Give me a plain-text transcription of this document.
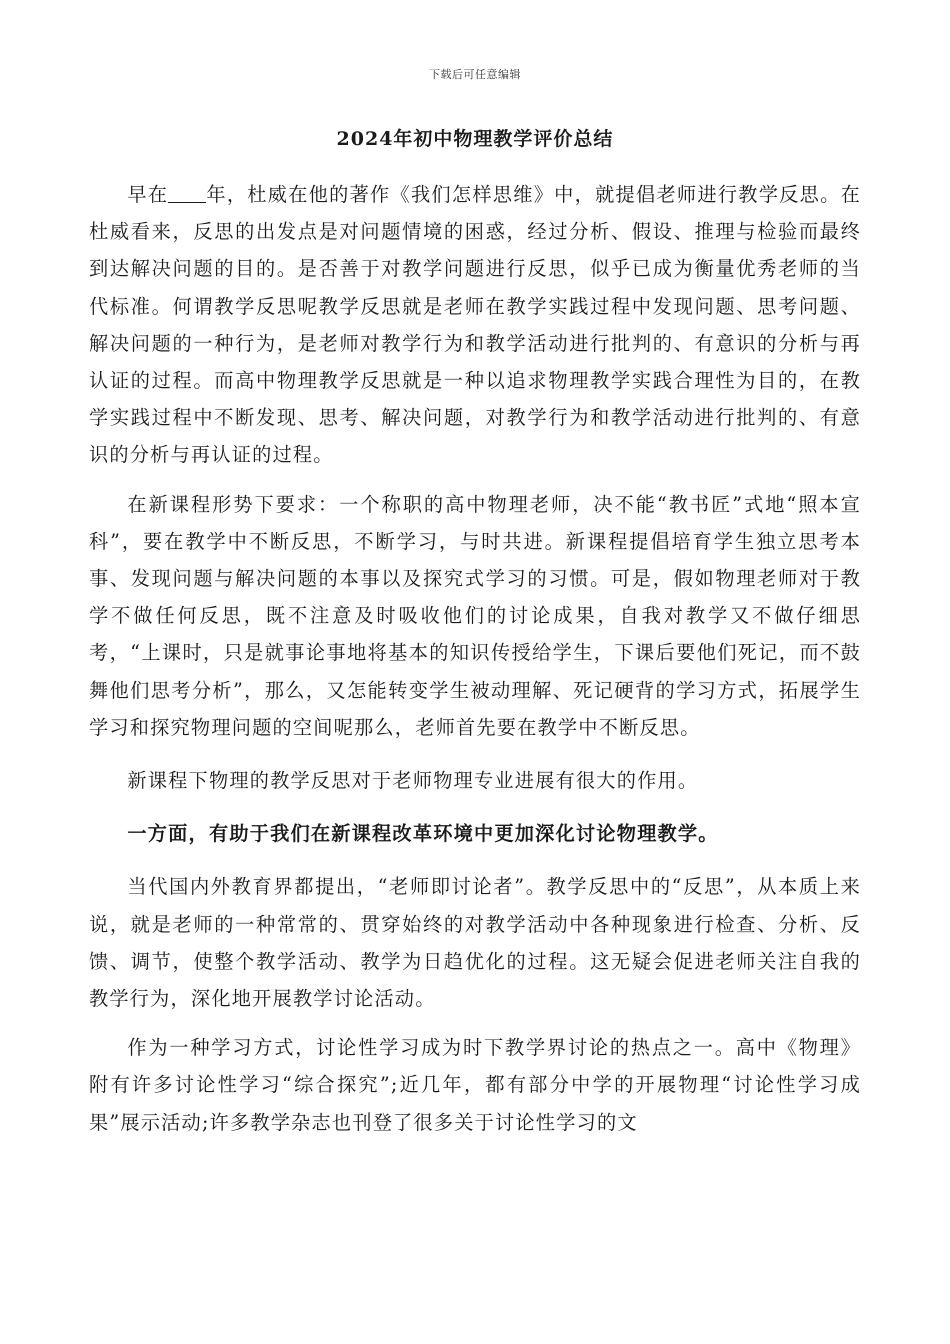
下载后可任意编辑
2024年初中物理教学评价总结

早在 年，杜威在他的著作《我们怎样思维》中，就提倡老师进行教学反思。在杜威看来，反思的出发点是对问题情境的困惑，经过分析、假设、推理与检验而最终到达解决问题的目的。是否善于对教学问题进行反思，似乎已成为衡量优秀老师的当代标准。何谓教学反思呢教学反思就是老师在教学实践过程中发现问题、思考问题、解决问题的一种行为，是老师对教学行为和教学活动进行批判的、有意识的分析与再认证的过程。而高中物理教学反思就是一种以追求物理教学实践合理性为目的，在教学实践过程中不断发现、思考、解决问题，对教学行为和教学活动进行批判的、有意识的分析与再认证的过程。

在新课程形势下要求：一个称职的高中物理老师，决不能“教书匠”式地“照本宣科”，要在教学中不断反思，不断学习，与时共进。新课程提倡培育学生独立思考本事、发现问题与解决问题的本事以及探究式学习的习惯。可是，假如物理老师对于教学不做任何反思，既不注意及时吸收他们的讨论成果，自我对教学又不做仔细思考，“上课时，只是就事论事地将基本的知识传授给学生，下课后要他们死记，而不鼓舞他们思考分析”，那么，又怎能转变学生被动理解、死记硬背的学习方式，拓展学生学习和探究物理问题的空间呢那么，老师首先要在教学中不断反思。

新课程下物理的教学反思对于老师物理专业进展有很大的作用。

一方面，有助于我们在新课程改革环境中更加深化讨论物理教学。

当代国内外教育界都提出，“老师即讨论者”。教学反思中的“反思”，从本质上来说，就是老师的一种常常的、贯穿始终的对教学活动中各种现象进行检查、分析、反馈、调节，使整个教学活动、教学为日趋优化的过程。这无疑会促进老师关注自我的教学行为，深化地开展教学讨论活动。

作为一种学习方式，讨论性学习成为时下教学界讨论的热点之一。高中《物理》附有许多讨论性学习“综合探究”;近几年，都有部分中学的开展物理“讨论性学习成果”展示活动;许多教学杂志也刊登了很多关于讨论性学习的文
